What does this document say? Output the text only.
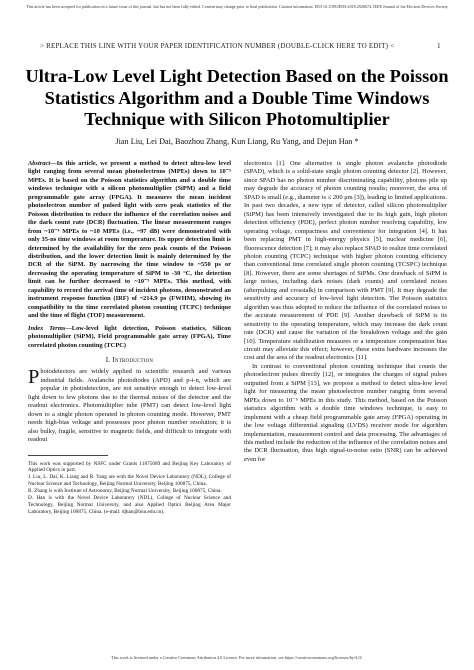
This article has been accepted for publication in a future issue of this journal, but has not been fully edited. Content may change prior to final publication. Citation information: DOI 10.1109/JEDS.2018.2926674, IEEE Journal of the Electron Devices Society
> REPLACE THIS LINE WITH YOUR PAPER IDENTIFICATION NUMBER (DOUBLE-CLICK HERE TO EDIT) <	1
Ultra-Low Level Light Detection Based on the Poisson Statistics Algorithm and a Double Time Windows Technique with Silicon Photomultiplier
Jian Liu, Lei Dai, Baozhou Zhang, Kun Liang, Ru Yang, and Dejun Han *

Abstract—In this article, we present a method to detect ultra-low level light ranging from several mean photoelectrons (MPEs) down to 10⁻⁵ MPEs. It is based on the Poisson statistics algorithm and a double time windows technique with a silicon photomultiplier (SiPM) and a field programmable gate array (FPGA). It measures the mean incident photoelectron number of pulsed light with zero peak statistics of the Poisson distribution to reduce the influence of the correlation noises and the dark count rate (DCR) fluctuation. The linear measurement ranges from ~10⁻⁴ MPEs to ~10 MPEs (i.e., ~97 dB) were demonstrated with only 35-ns time windows at room temperature. Its upper detection limit is determined by the availability for the zero peak counts of the Poisson distribution, and the lower detection limit is mainly determined by the DCR of the SiPM. By narrowing the time window to ~550 ps or decreasing the operating temperature of SiPM to -30 °C, the detection limit can be further decreased to ~10⁻⁵ MPEs. This method, with capability to record the arrival time of incident photons, demonstrated an instrument response function (IRF) of ~214.9 ps (FWHM), showing its compatibility to the time correlated photon counting (TCPC) technique and the time of flight (TOF) measurement.

Index Terms—Low-level light detection, Poisson statistics, Silicon photomultiplier (SiPM), Field programmable gate array (FPGA), Time correlated photon counting (TCPC)

I. Introduction

Photodetectors are widely applied in scientific research and various industrial fields. Avalanche photodiodes (APD) and p-i-n, which are popular in photodetection, are not sensitive enough to detect low-level light down to few photons due to the thermal noises of the detector and the readout electronics. Photomultiplier tube (PMT) can detect low-level light down to a single photon operated in photon counting mode. However, PMT needs high-bias voltage and possesses poor photon number resolution; it is also bulky, fragile, sensitive to magnetic fields, and difficult to integrate with readout

This work was supported by NSFC under Grants 11875089 and Beijing Key Laboratory of Applied Optics in part.
J. Liu, L. Dai, K. Liang and R. Yang are with the Novel Device Laboratory (NDL), College of Nuclear Science and Technology, Beijing Normal University, Beijing 100875, China.
B. Zhang is with Institute of Astronomy, Beijing Normal University, Beijing 100875, China.
D. Han is with the Novel Device Laboratory (NDL), College of Nuclear Science and Technology, Beijing Normal University, and also Applied Optics Beijing Area Major Laboratory, Beijing 100875, China. (e-mail: djhan@bnu.edu.cn).

electronics [1]. One alternative is single photon avalanche photodiode (SPAD), which is a solid-state single photon counting detector [2]. However, since SPAD has no photon number discriminating capability, photons pile up may degrade the accuracy of photon counting results; moreover, the area of SPAD is small (e.g., diameter is ≤ 200 μm [3]), leading to limited applications. In past two decades, a new type of detector, called silicon photomultiplier (SiPM) has been intensively investigated due to its high gain, high photon detection efficiency (PDE), perfect photon number resolving capability, low operating voltage, compactness and convenience for integration [4]. It has been replacing PMT in high-energy physics [5], nuclear medicine [6], fluorescence detection [7]; it may also replace SPAD to realize time correlated photon counting (TCPC) technique with higher photon counting efficiency than conventional time correlated single photon counting (TCSPC) technique [8]. However, there are some shortages of SiPMs. One drawback of SiPM is large noises, including dark noises (dark counts) and correlated noises (afterpulsing and crosstalk) in comparison with PMT [9]. It may degrade the sensitivity and accuracy of low-level light detection. The Poisson statistics algorithm was thus adopted to reduce the influence of the correlated noises to the accurate measurement of PDE [9]. Another drawback of SiPM is its sensitivity to the operating temperature, which may increase the dark count rate (DCR) and cause the variation of the breakdown voltage and the gain [10]. Temperature stabilization measures or a temperature compensation bias circuit may alleviate this effect; however, these extra hardware increases the cost and the area of the readout electronics [11].

In contrast to conventional photon counting technique that counts the photoelectron pulses directly [12], or integrates the charges of signal pulses outputted from a SiPM [13], we propose a method to detect ultra-low level light for measuring the mean photoelectron number ranging from several MPEs down to 10⁻⁵ MPEs in this study. This method, based on the Poisson statistics algorithm with a double time windows technique, is easy to implement with a cheap field programmable gate array (FPGA) operating in the low voltage differential signaling (LVDS) receiver mode for algorithm implementation, measurement control and data processing. The advantages of this method include the reduction of the influence of the correlation noises and the DCR fluctuation, thus high signal-to-noise ratio (SNR) can be achieved even for

This work is licensed under a Creative Commons Attribution 4.0 License. For more information, see https://creativecommons.org/licenses/by/4.0/.
